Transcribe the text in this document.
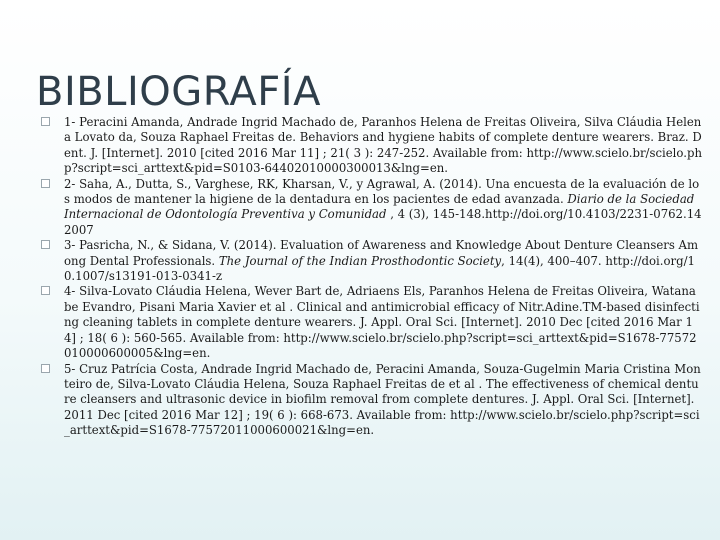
BIBLIOGRAFÍA
1- Peracini Amanda, Andrade Ingrid Machado de, Paranhos Helena de Freitas Oliveira, Silva Cláudia Helena Lovato da, Souza Raphael Freitas de. Behaviors and hygiene habits of complete denture wearers. Braz. Dent. J. [Internet]. 2010 [cited 2016 Mar 11] ; 21( 3 ): 247-252. Available from: http://www.scielo.br/scielo.php?script=sci_arttext&pid=S0103-64402010000300013&lng=en.
2- Saha, A., Dutta, S., Varghese, RK, Kharsan, V., y Agrawal, A. (2014). Una encuesta de la evaluación de los modos de mantener la higiene de la dentadura en los pacientes de edad avanzada. Diario de la Sociedad Internacional de Odontología Preventiva y Comunidad , 4 (3), 145-148.http://doi.org/10.4103/2231-0762.142007
3- Pasricha, N., & Sidana, V. (2014). Evaluation of Awareness and Knowledge About Denture Cleansers Among Dental Professionals. The Journal of the Indian Prosthodontic Society, 14(4), 400–407. http://doi.org/10.1007/s13191-013-0341-z
4- Silva-Lovato Cláudia Helena, Wever Bart de, Adriaens Els, Paranhos Helena de Freitas Oliveira, Watanabe Evandro, Pisani Maria Xavier et al . Clinical and antimicrobial efficacy of Nitr.Adine.TM-based disinfecting cleaning tablets in complete denture wearers. J. Appl. Oral Sci. [Internet]. 2010 Dec [cited 2016 Mar 14] ; 18( 6 ): 560-565. Available from: http://www.scielo.br/scielo.php?script=sci_arttext&pid=S1678-77572010000600005&lng=en.
5- Cruz Patrícia Costa, Andrade Ingrid Machado de, Peracini Amanda, Souza-Gugelmin Maria Cristina Monteiro de, Silva-Lovato Cláudia Helena, Souza Raphael Freitas de et al . The effectiveness of chemical denture cleansers and ultrasonic device in biofilm removal from complete dentures. J. Appl. Oral Sci. [Internet]. 2011 Dec [cited 2016 Mar 12] ; 19( 6 ): 668-673. Available from: http://www.scielo.br/scielo.php?script=sci_arttext&pid=S1678-77572011000600021&lng=en.
